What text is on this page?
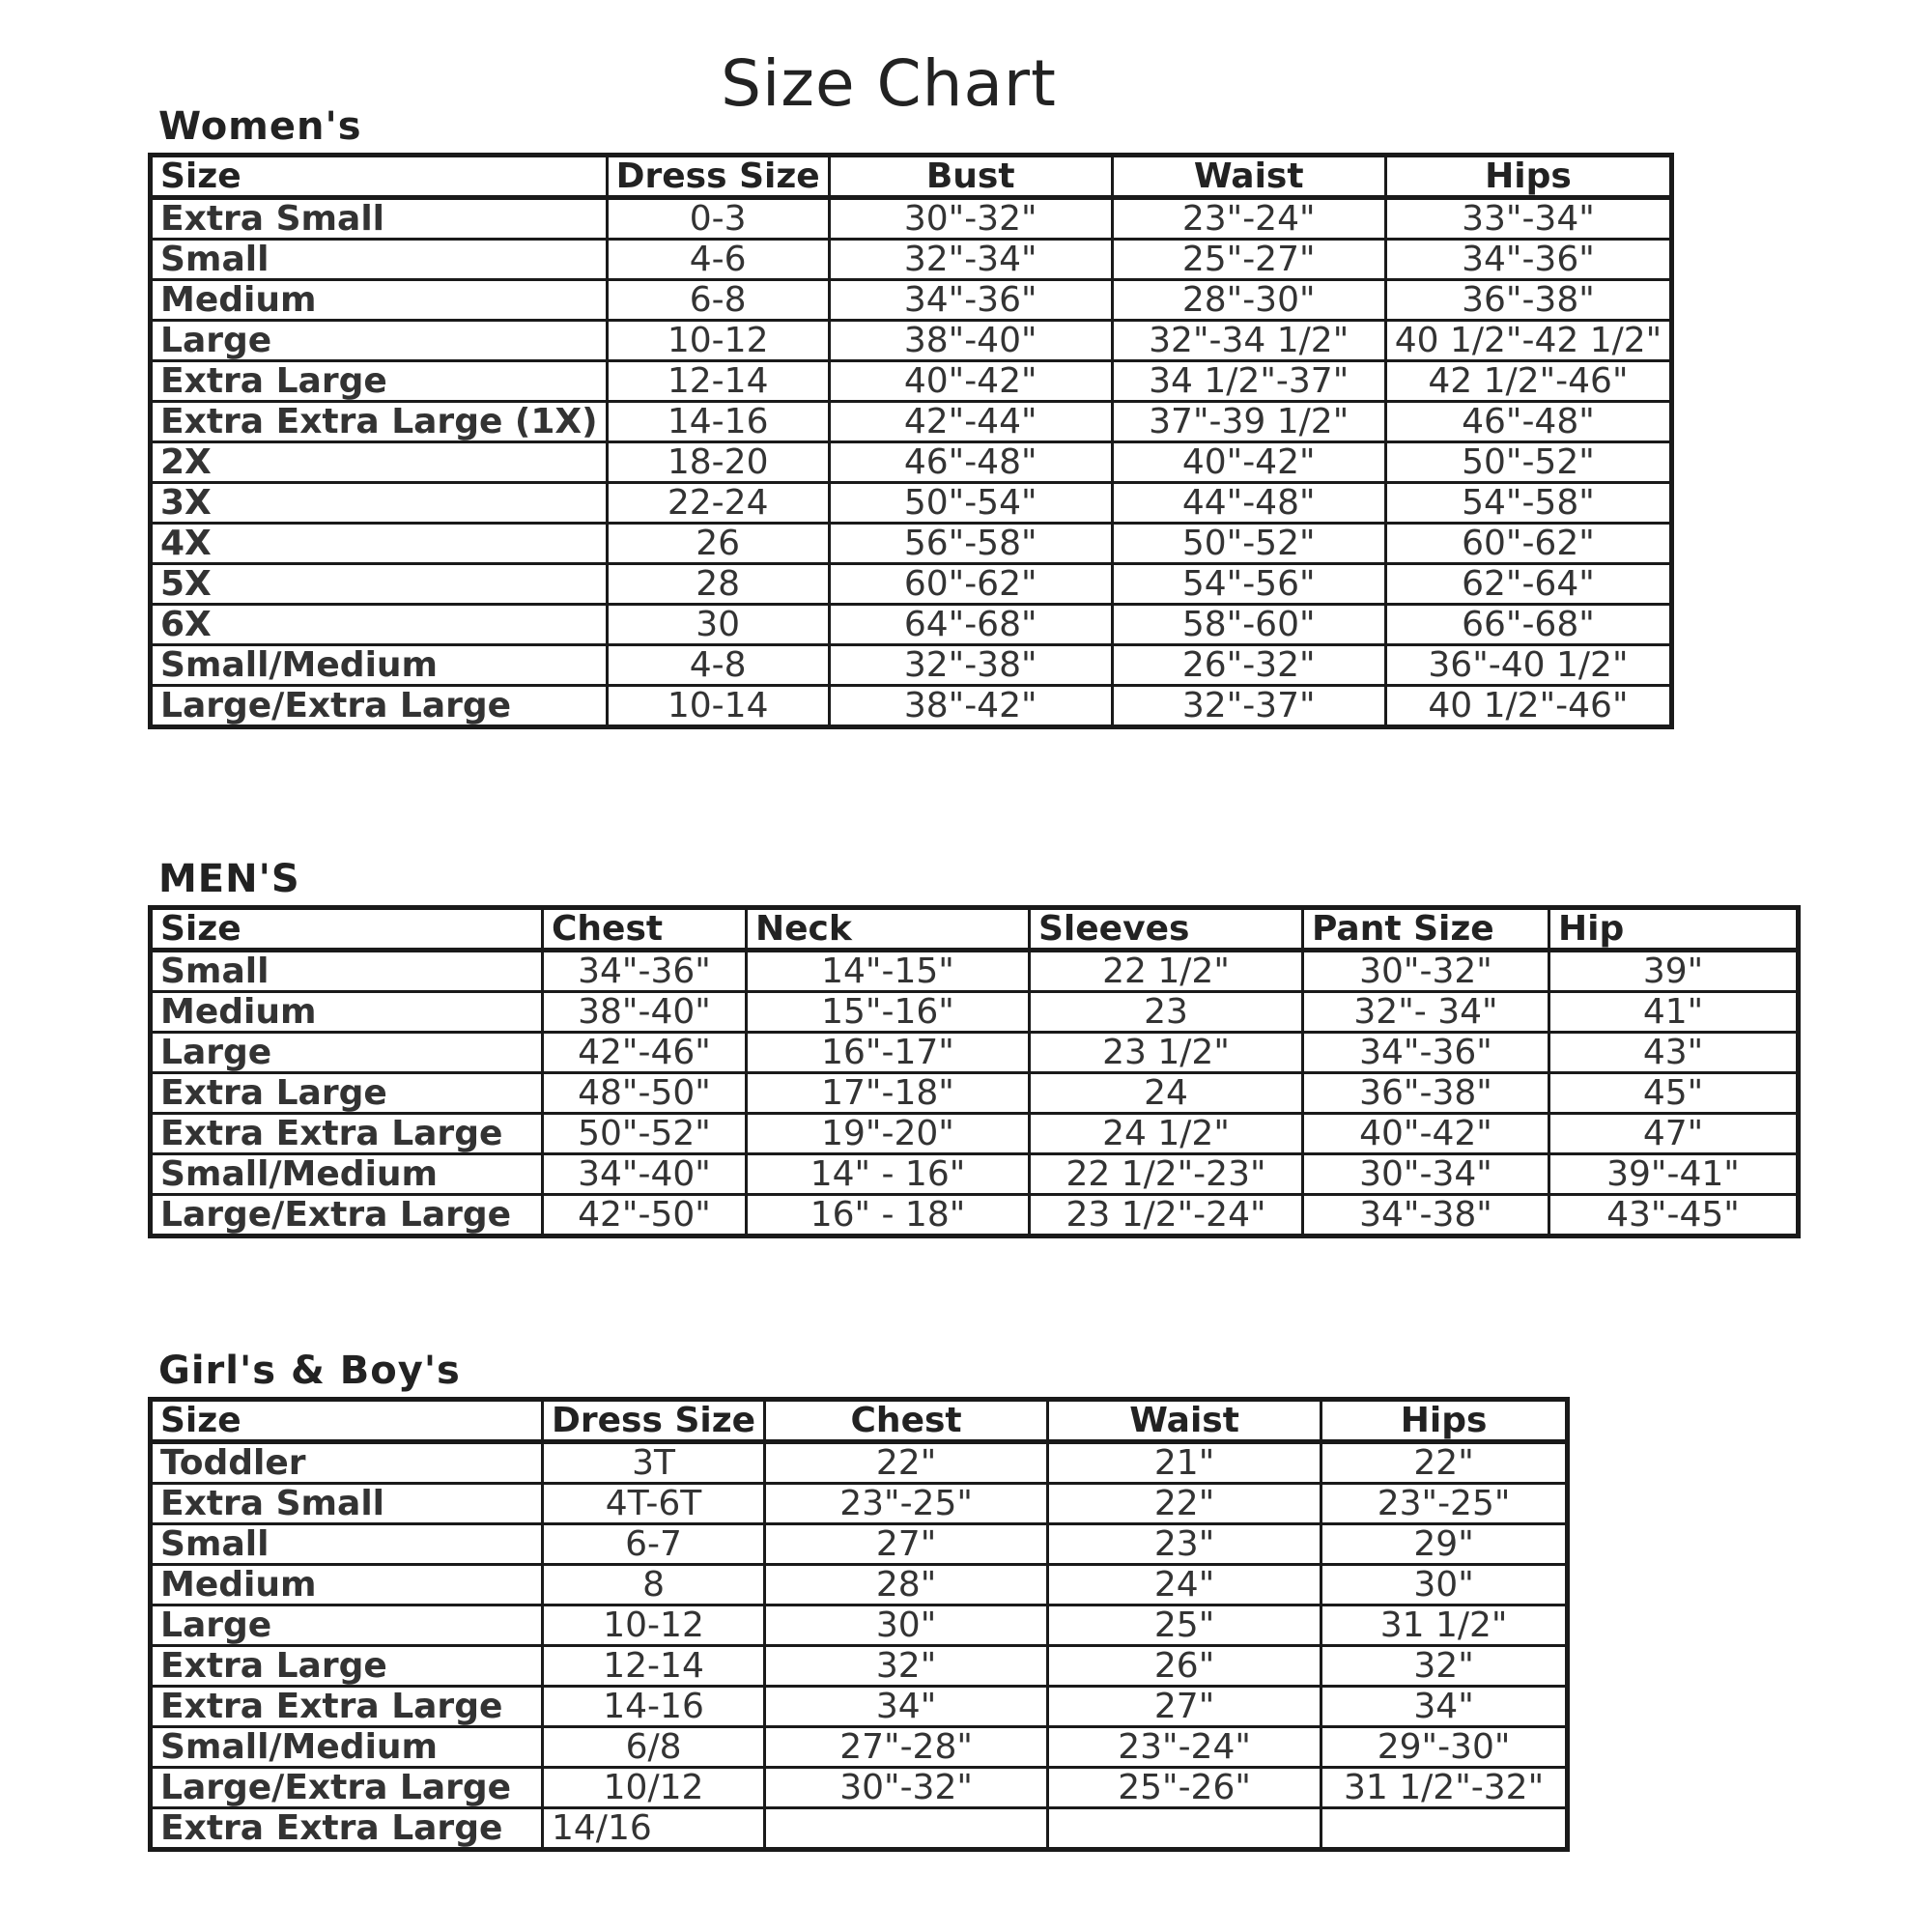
Size Chart
Women's
Size	Dress Size	Bust	Waist	Hips
Extra Small	0-3	30"-32"	23"-24"	33"-34"
Small	4-6	32"-34"	25"-27"	34"-36"
Medium	6-8	34"-36"	28"-30"	36"-38"
Large	10-12	38"-40"	32"-34 1/2"	40 1/2"-42 1/2"
Extra Large	12-14	40"-42"	34 1/2"-37"	42 1/2"-46"
Extra Extra Large (1X)	14-16	42"-44"	37"-39 1/2"	46"-48"
2X	18-20	46"-48"	40"-42"	50"-52"
3X	22-24	50"-54"	44"-48"	54"-58"
4X	26	56"-58"	50"-52"	60"-62"
5X	28	60"-62"	54"-56"	62"-64"
6X	30	64"-68"	58"-60"	66"-68"
Small/Medium	4-8	32"-38"	26"-32"	36"-40 1/2"
Large/Extra Large	10-14	38"-42"	32"-37"	40 1/2"-46"
MEN'S
Size	Chest	Neck	Sleeves	Pant Size	Hip
Small	34"-36"	14"-15"	22 1/2"	30"-32"	39"
Medium	38"-40"	15"-16"	23	32"- 34"	41"
Large	42"-46"	16"-17"	23 1/2"	34"-36"	43"
Extra Large	48"-50"	17"-18"	24	36"-38"	45"
Extra Extra Large	50"-52"	19"-20"	24 1/2"	40"-42"	47"
Small/Medium	34"-40"	14" - 16"	22 1/2"-23"	30"-34"	39"-41"
Large/Extra Large	42"-50"	16" - 18"	23 1/2"-24"	34"-38"	43"-45"
Girl's & Boy's
Size	Dress Size	Chest	Waist	Hips
Toddler	3T	22"	21"	22"
Extra Small	4T-6T	23"-25"	22"	23"-25"
Small	6-7	27"	23"	29"
Medium	8	28"	24"	30"
Large	10-12	30"	25"	31 1/2"
Extra Large	12-14	32"	26"	32"
Extra Extra Large	14-16	34"	27"	34"
Small/Medium	6/8	27"-28"	23"-24"	29"-30"
Large/Extra Large	10/12	30"-32"	25"-26"	31 1/2"-32"
Extra Extra Large	14/16			
